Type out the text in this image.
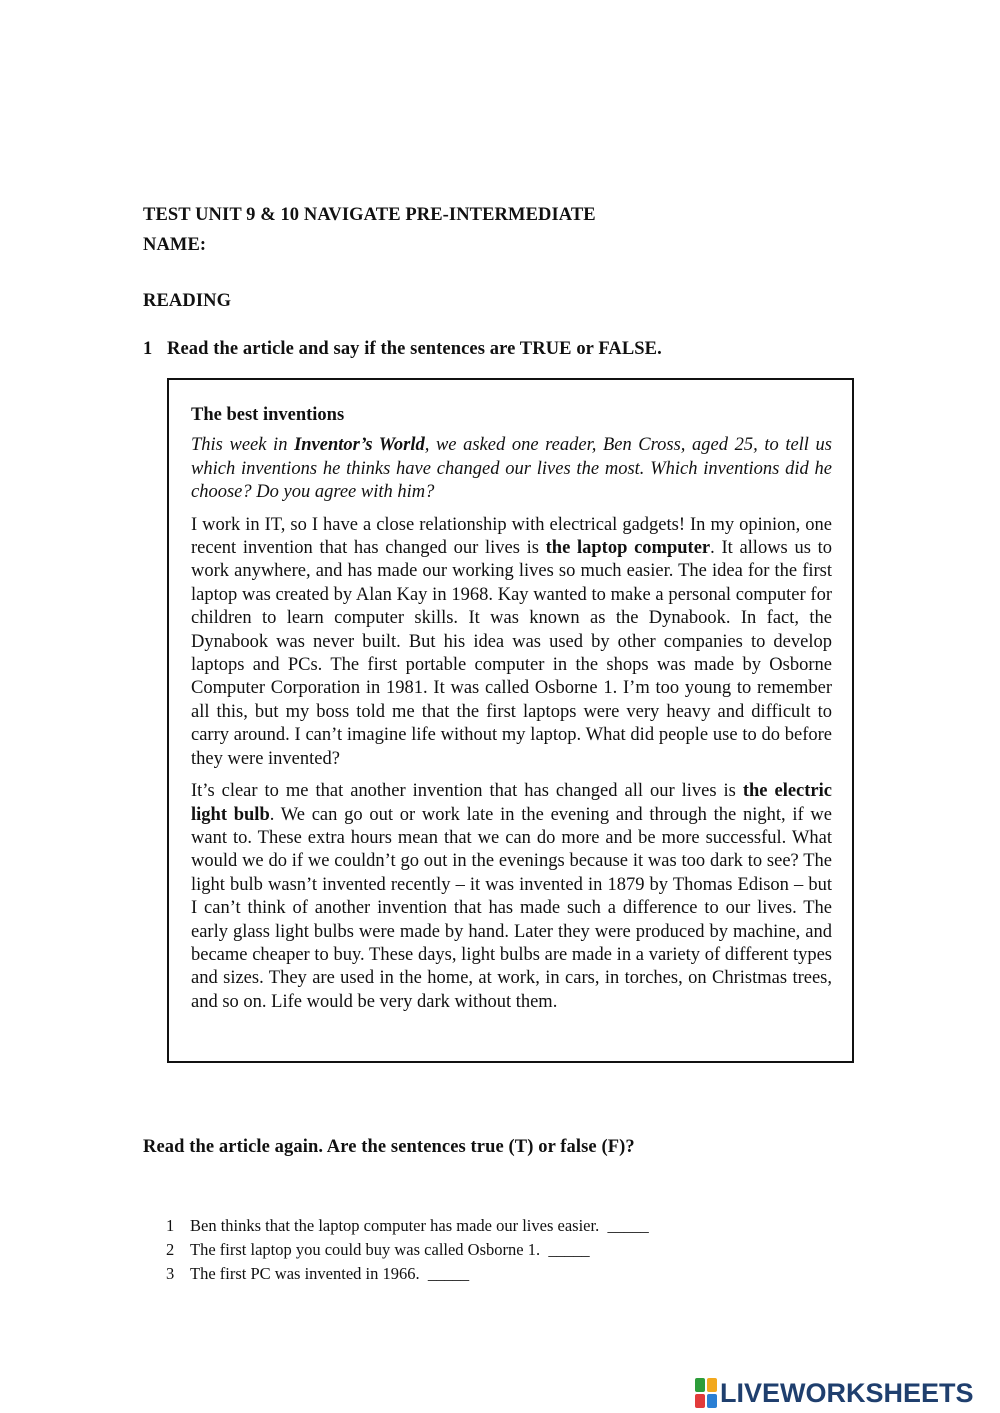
TEST UNIT 9 & 10 NAVIGATE PRE-INTERMEDIATE
NAME:
READING
1 Read the article and say if the sentences are TRUE or FALSE.

The best inventions

This week in Inventor’s World, we asked one reader, Ben Cross, aged 25, to tell us which inventions he thinks have changed our lives the most. Which inventions did he choose? Do you agree with him?

I work in IT, so I have a close relationship with electrical gadgets! In my opinion, one recent invention that has changed our lives is the laptop computer. It allows us to work anywhere, and has made our working lives so much easier. The idea for the first laptop was created by Alan Kay in 1968. Kay wanted to make a personal computer for children to learn computer skills. It was known as the Dynabook. In fact, the Dynabook was never built. But his idea was used by other companies to develop laptops and PCs. The first portable computer in the shops was made by Osborne Computer Corporation in 1981. It was called Osborne 1. I’m too young to remember all this, but my boss told me that the first laptops were very heavy and difficult to carry around. I can’t imagine life without my laptop. What did people use to do before they were invented?

It’s clear to me that another invention that has changed all our lives is the electric light bulb. We can go out or work late in the evening and through the night, if we want to. These extra hours mean that we can do more and be more successful. What would we do if we couldn’t go out in the evenings because it was too dark to see? The light bulb wasn’t invented recently – it was invented in 1879 by Thomas Edison – but I can’t think of another invention that has made such a difference to our lives. The early glass light bulbs were made by hand. Later they were produced by machine, and became cheaper to buy. These days, light bulbs are made in a variety of different types and sizes. They are used in the home, at work, in cars, in torches, on Christmas trees, and so on. Life would be very dark without them.

Read the article again. Are the sentences true (T) or false (F)?
1 Ben thinks that the laptop computer has made our lives easier. _____
2 The first laptop you could buy was called Osborne 1. _____
3 The first PC was invented in 1966. _____
LIVEWORKSHEETS
